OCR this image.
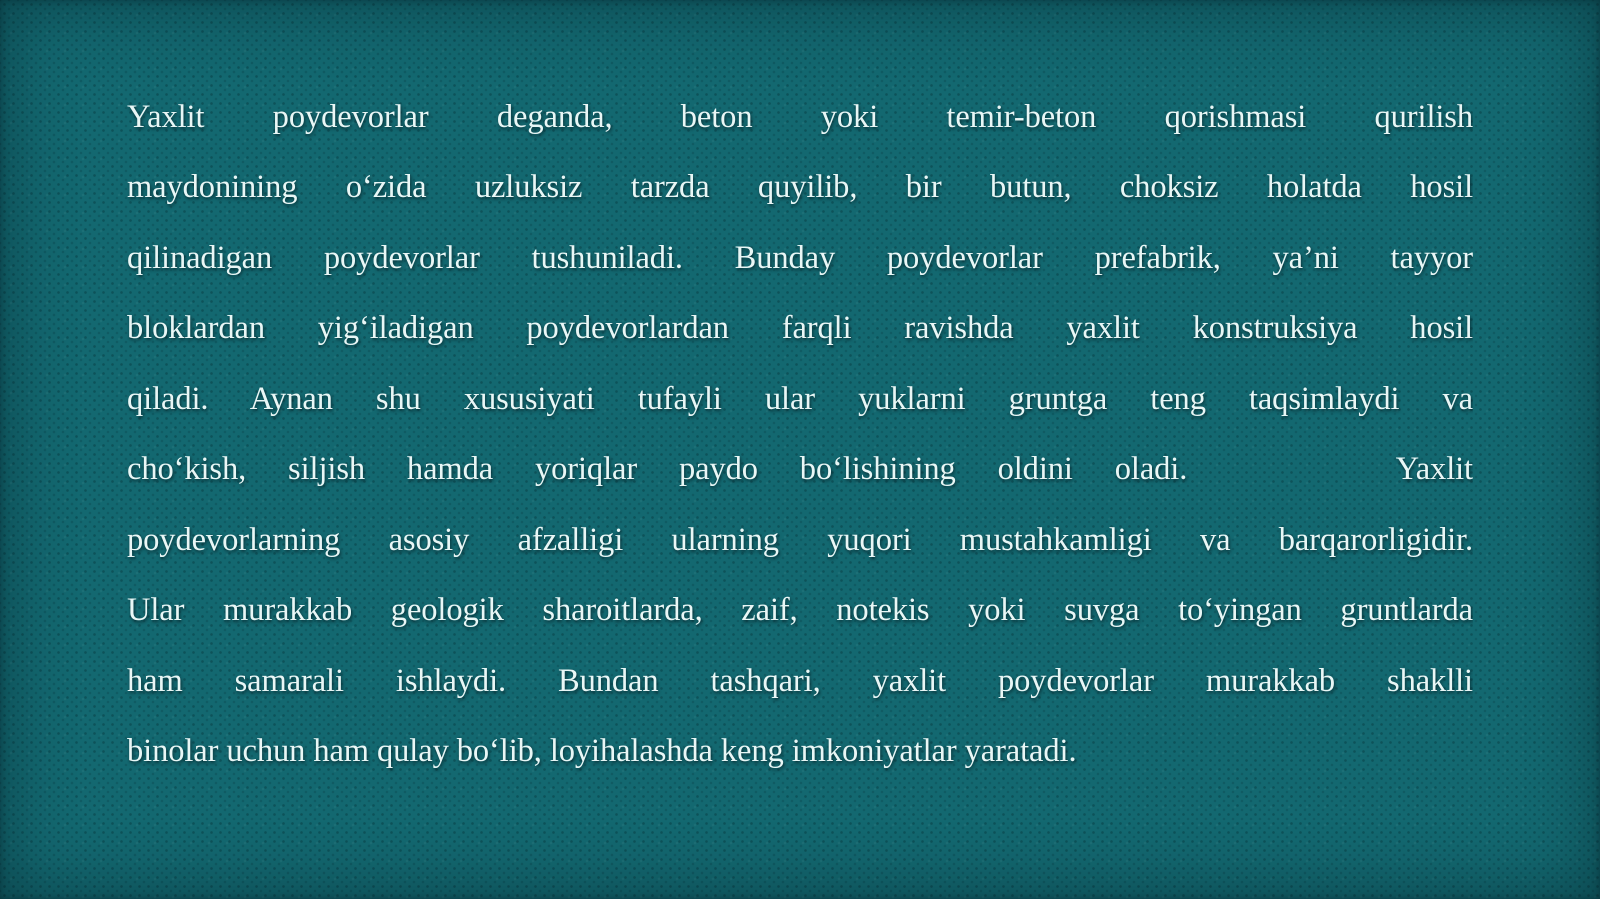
Yaxlit poydevorlar deganda, beton yoki temir-beton qorishmasi qurilish
maydonining oʻzida uzluksiz tarzda quyilib, bir butun, choksiz holatda hosil
qilinadigan poydevorlar tushuniladi. Bunday poydevorlar prefabrik, ya’ni tayyor
bloklardan yigʻiladigan poydevorlardan farqli ravishda yaxlit konstruksiya hosil
qiladi. Aynan shu xususiyati tufayli ular yuklarni gruntga teng taqsimlaydi va
choʻkish, siljish hamda yoriqlar paydo boʻlishining oldini oladi.     Yaxlit
poydevorlarning asosiy afzalligi ularning yuqori mustahkamligi va barqarorligidir.
Ular murakkab geologik sharoitlarda, zaif, notekis yoki suvga toʻyingan gruntlarda
ham samarali ishlaydi. Bundan tashqari, yaxlit poydevorlar murakkab shaklli
binolar uchun ham qulay boʻlib, loyihalashda keng imkoniyatlar yaratadi.
